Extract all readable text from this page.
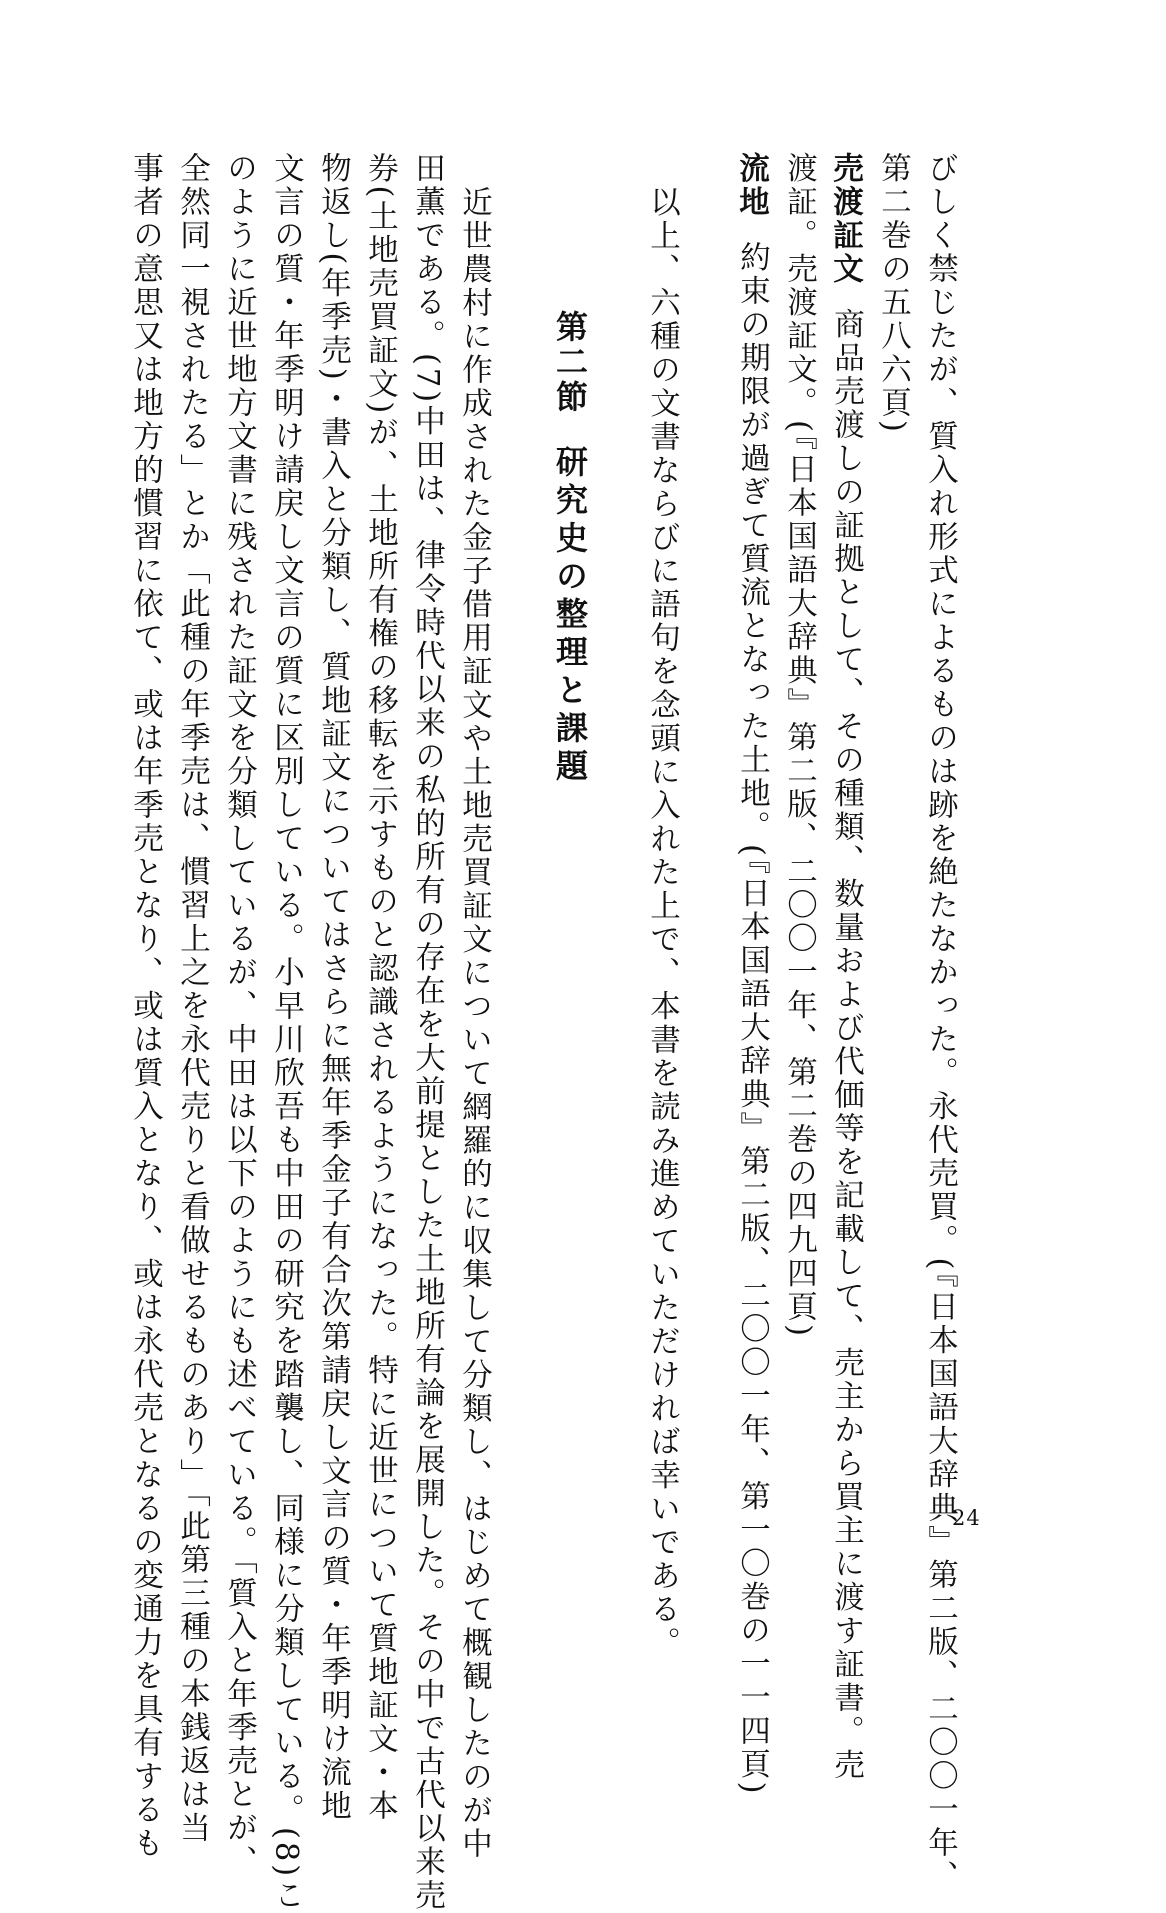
びしく禁じたが、質入れ形式によるものは跡を絶たなかった。永代売買。(『日本国語大辞典』第二版、二〇〇一年、

第二巻の五八六頁)

売渡証文商品売渡しの証拠として、その種類、数量および代価等を記載して、売主から買主に渡す証書。売

渡証。売渡証文。(『日本国語大辞典』第二版、二〇〇一年、第二巻の四九四頁)

流地約束の期限が過ぎて質流となった土地。(『日本国語大辞典』第二版、二〇〇一年、第一〇巻の一一四頁)

以上、六種の文書ならびに語句を念頭に入れた上で、本書を読み進めていただければ幸いである。

第二節研究史の整理と課題

近世農村に作成された金子借用証文や土地売買証文について網羅的に収集して分類し、はじめて概観したのが中

田薫である。(7)中田は、律令時代以来の私的所有の存在を大前提とした土地所有論を展開した。その中で古代以来売

券(土地売買証文)が、土地所有権の移転を示すものと認識されるようになった。特に近世について質地証文・本

物返し(年季売)・書入と分類し、質地証文についてはさらに無年季金子有合次第請戻し文言の質・年季明け流地

文言の質・年季明け請戻し文言の質に区別している。小早川欣吾も中田の研究を踏襲し、同様に分類している。(8)こ

のように近世地方文書に残された証文を分類しているが、中田は以下のようにも述べている。「質入と年季売とが、

全然同一視されたる」とか「此種の年季売は、慣習上之を永代売りと看做せるものあり」「此第三種の本銭返は当

事者の意思又は地方的慣習に依て、或は年季売となり、或は質入となり、或は永代売となるの変通力を具有するも	24
